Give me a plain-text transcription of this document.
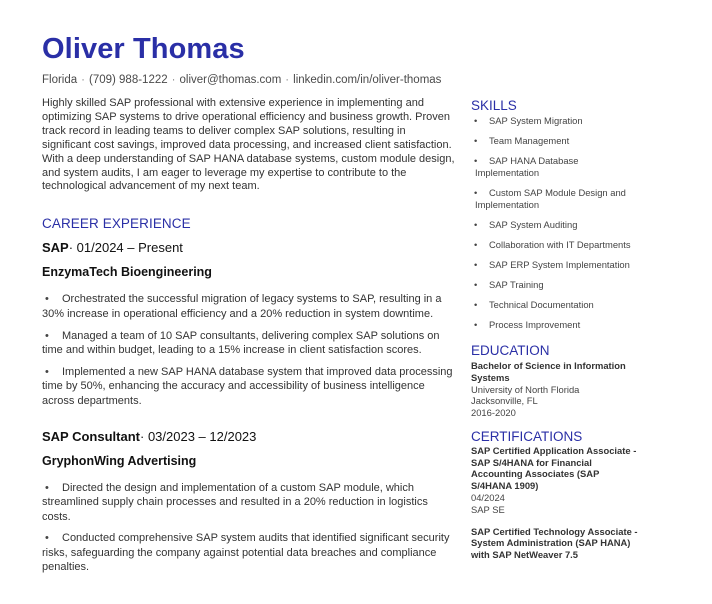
Oliver Thomas
Florida · (709) 988-1222 · oliver@thomas.com · linkedin.com/in/oliver-thomas

Highly skilled SAP professional with extensive experience in implementing and optimizing SAP systems to drive operational efficiency and business growth. Proven track record in leading teams to deliver complex SAP solutions, resulting in significant cost savings, improved data processing, and increased client satisfaction. With a deep understanding of SAP HANA database systems, custom module design, and system audits, I am eager to leverage my expertise to contribute to the technological advancement of my next team.

CAREER EXPERIENCE
SAP· 01/2024 – Present
EnzymaTech Bioengineering
• Orchestrated the successful migration of legacy systems to SAP, resulting in a 30% increase in operational efficiency and a 20% reduction in system downtime.
• Managed a team of 10 SAP consultants, delivering complex SAP solutions on time and within budget, leading to a 15% increase in client satisfaction scores.
• Implemented a new SAP HANA database system that improved data processing time by 50%, enhancing the accuracy and accessibility of business intelligence across departments.
SAP Consultant· 03/2023 – 12/2023
GryphonWing Advertising
• Directed the design and implementation of a custom SAP module, which streamlined supply chain processes and resulted in a 20% reduction in logistics costs.
• Conducted comprehensive SAP system audits that identified significant security risks, safeguarding the company against potential data breaches and compliance penalties.
SKILLS
• SAP System Migration
• Team Management
• SAP HANA Database Implementation
• Custom SAP Module Design and Implementation
• SAP System Auditing
• Collaboration with IT Departments
• SAP ERP System Implementation
• SAP Training
• Technical Documentation
• Process Improvement
EDUCATION
Bachelor of Science in Information Systems
University of North Florida
Jacksonville, FL
2016-2020
CERTIFICATIONS
SAP Certified Application Associate - SAP S/4HANA for Financial Accounting Associates (SAP S/4HANA 1909)
04/2024
SAP SE
SAP Certified Technology Associate - System Administration (SAP HANA) with SAP NetWeaver 7.5
